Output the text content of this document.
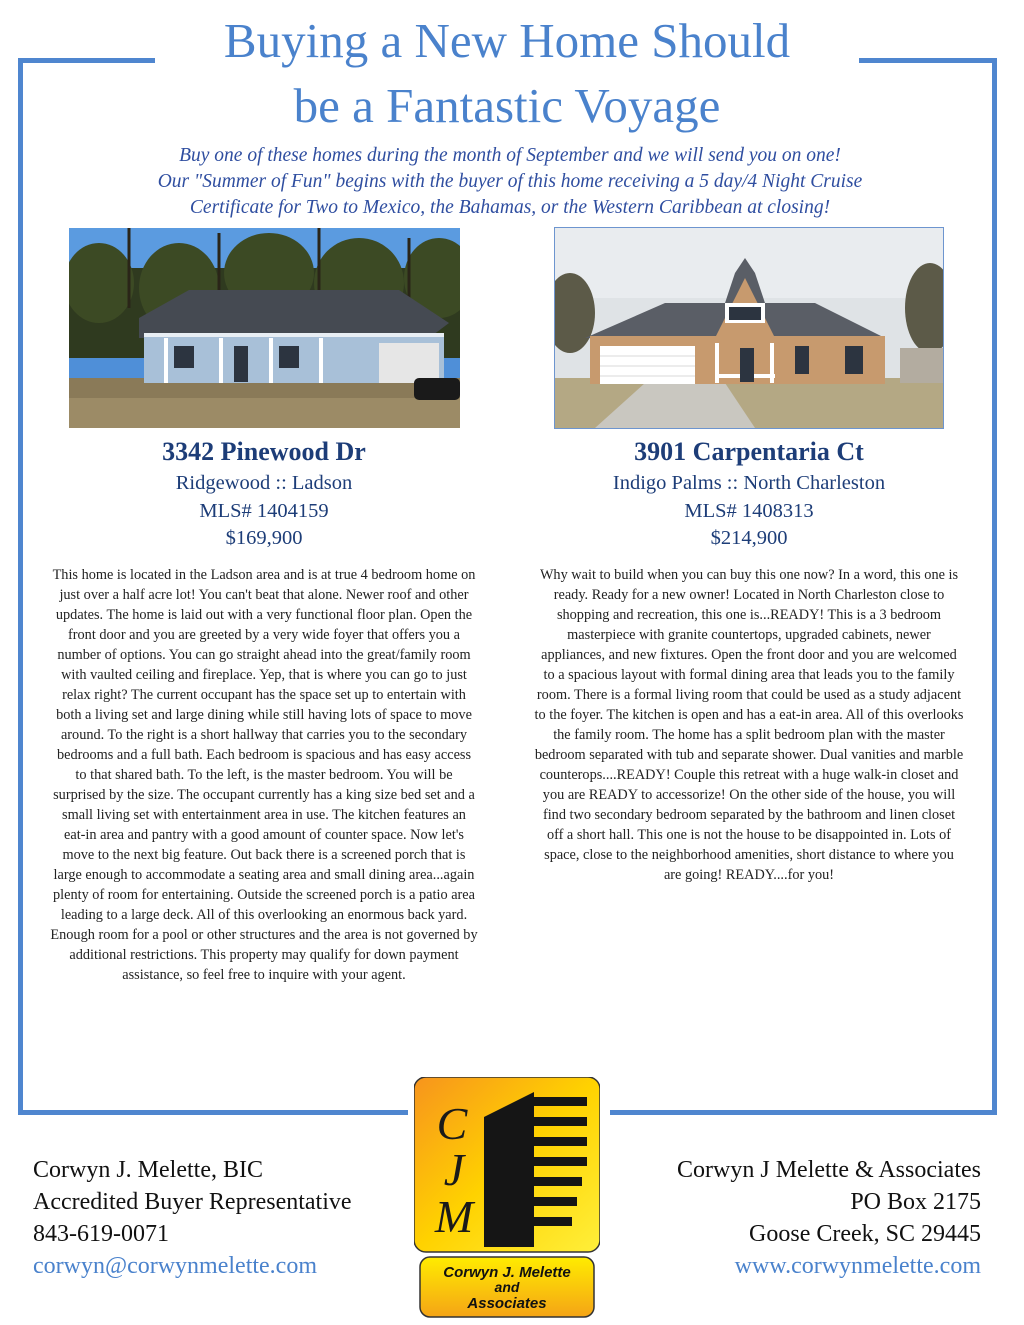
Buying a New Home Should
be a Fantastic Voyage
Buy one of these homes during the month of September and we will send you on one!
Our "Summer of Fun" begins with the buyer of this home receiving a 5 day/4 Night Cruise
Certificate for Two to Mexico, the Bahamas, or the Western Caribbean at closing!
3342 Pinewood Dr
Ridgewood :: Ladson
MLS# 1404159
$169,900
This home is located in the Ladson area and is at true 4 bedroom home on just over a half acre lot! You can't beat that alone. Newer roof and other updates. The home is laid out with a very functional floor plan. Open the front door and you are greeted by a very wide foyer that offers you a number of options. You can go straight ahead into the great/family room with vaulted ceiling and fireplace. Yep, that is where you can go to just relax right? The current occupant has the space set up to entertain with both a living set and large dining while still having lots of space to move around. To the right is a short hallway that carries you to the secondary bedrooms and a full bath. Each bedroom is spacious and has easy access to that shared bath. To the left, is the master bedroom. You will be surprised by the size. The occupant currently has a king size bed set and a small living set with entertainment area in use. The kitchen features an eat-in area and pantry with a good amount of counter space. Now let's move to the next big feature. Out back there is a screened porch that is large enough to accommodate a seating area and small dining area...again plenty of room for entertaining. Outside the screened porch is a patio area leading to a large deck. All of this overlooking an enormous back yard. Enough room for a pool or other structures and the area is not governed by additional restrictions. This property may qualify for down payment assistance, so feel free to inquire with your agent.
3901 Carpentaria Ct
Indigo Palms :: North Charleston
MLS# 1408313
$214,900
Why wait to build when you can buy this one now? In a word, this one is ready. Ready for a new owner! Located in North Charleston close to shopping and recreation, this one is...READY! This is a 3 bedroom masterpiece with granite countertops, upgraded cabinets, newer appliances, and new fixtures. Open the front door and you are welcomed to a spacious layout with formal dining area that leads you to the family room. There is a formal living room that could be used as a study adjacent to the foyer. The kitchen is open and has a eat-in area. All of this overlooks the family room. The home has a split bedroom plan with the master bedroom separated with tub and separate shower. Dual vanities and marble counterops....READY! Couple this retreat with a huge walk-in closet and you are READY to accessorize! On the other side of the house, you will find two secondary bedroom separated by the bathroom and linen closet off a short hall. This one is not the house to be disappointed in. Lots of space, close to the neighborhood amenities, short distance to where you are going! READY....for you!
Corwyn J. Melette, BIC
Accredited Buyer Representative
843-619-0071
corwyn@corwynmelette.com
Corwyn J Melette & Associates
PO Box 2175
Goose Creek, SC 29445
www.corwynmelette.com
C
J
M
Corwyn J. Melette
and
Associates
